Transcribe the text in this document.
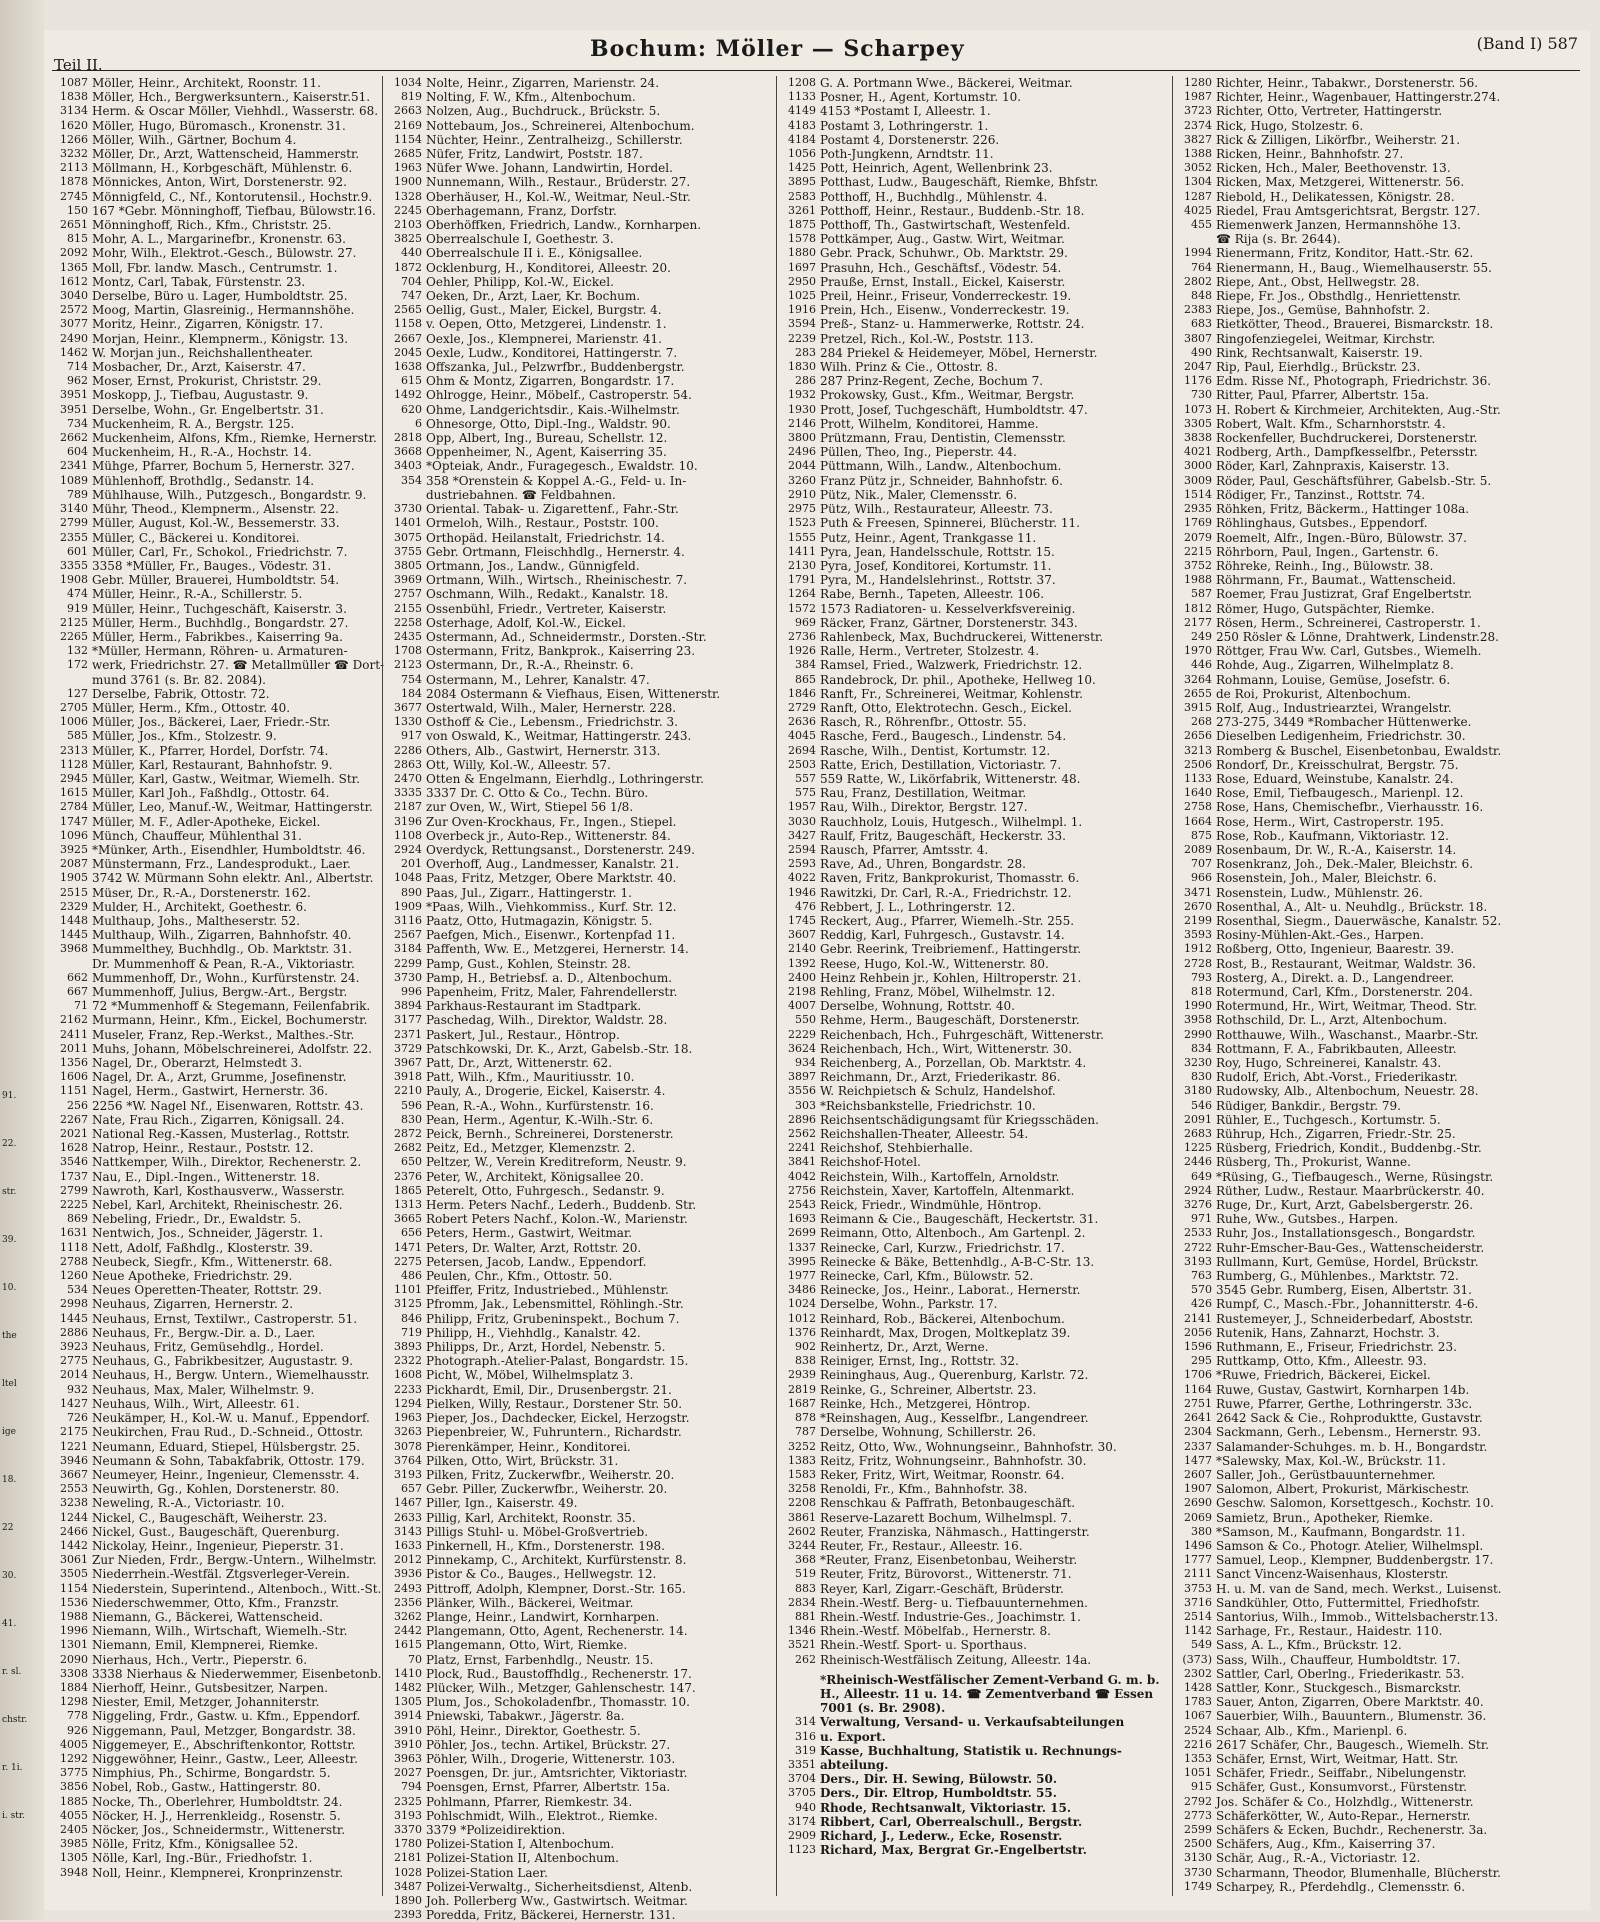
91.
22.
str.
39.
10.
the
ltel
ige
18.
22
30.
41.
r. sl.
chstr.
r. 1i.
i. str.
Teil II.
Bochum: Möller — Scharpey	(Band I) 587
1087 Möller, Heinr., Architekt, Roonstr. 11.
1838 Möller, Hch., Bergwerksuntern., Kaiserstr.51.
3134 Herm. & Oscar Möller, Viehhdl., Wasserstr. 68.
1620 Möller, Hugo, Büromasch., Kronenstr. 31.
1266 Möller, Wilh., Gärtner, Bochum 4.
3232 Möller, Dr., Arzt, Wattenscheid, Hammerstr.
2113 Möllmann, H., Korbgeschäft, Mühlenstr. 6.
1878 Mönnickes, Anton, Wirt, Dorstenerstr. 92.
2745 Mönnigfeld, C., Nf., Kontorutensil., Hochstr.9.
150 167 *Gebr. Mönninghoff, Tiefbau, Bülowstr.16.
2651 Mönninghoff, Rich., Kfm., Christstr. 25.
815 Mohr, A. L., Margarinefbr., Kronenstr. 63.
2092 Mohr, Wilh., Elektrot.-Gesch., Bülowstr. 27.
1365 Moll, Fbr. landw. Masch., Centrumstr. 1.
1612 Montz, Carl, Tabak, Fürstenstr. 23.
3040 Derselbe, Büro u. Lager, Humboldtstr. 25.
2572 Moog, Martin, Glasreinig., Hermannshöhe.
3077 Moritz, Heinr., Zigarren, Königstr. 17.
2490 Morjan, Heinr., Klempnerm., Königstr. 13.
1462 W. Morjan jun., Reichshallentheater.
714 Mosbacher, Dr., Arzt, Kaiserstr. 47.
962 Moser, Ernst, Prokurist, Christstr. 29.
3951 Moskopp, J., Tiefbau, Augustastr. 9.
3951 Derselbe, Wohn., Gr. Engelbertstr. 31.
734 Muckenheim, R. A., Bergstr. 125.
2662 Muckenheim, Alfons, Kfm., Riemke, Hernerstr.
604 Muckenheim, H., R.-A., Hochstr. 14.
2341 Mühge, Pfarrer, Bochum 5, Hernerstr. 327.
1089 Mühlenhoff, Brothdlg., Sedanstr. 14.
789 Mühlhause, Wilh., Putzgesch., Bongardstr. 9.
3140 Mühr, Theod., Klempnerm., Alsenstr. 22.
2799 Müller, August, Kol.-W., Bessemerstr. 33.
2355 Müller, C., Bäckerei u. Konditorei.
601 Müller, Carl, Fr., Schokol., Friedrichstr. 7.
3355 3358 *Müller, Fr., Bauges., Vödestr. 31.
1908 Gebr. Müller, Brauerei, Humboldtstr. 54.
474 Müller, Heinr., R.-A., Schillerstr. 5.
919 Müller, Heinr., Tuchgeschäft, Kaiserstr. 3.
2125 Müller, Herm., Buchhdlg., Bongardstr. 27.
2265 Müller, Herm., Fabrikbes., Kaiserring 9a.
132 *Müller, Hermann, Röhren- u. Armaturen-
172 werk, Friedrichstr. 27. ☎ Metallmüller ☎ Dort-
mund 3761 (s. Br. 82. 2084).
127 Derselbe, Fabrik, Ottostr. 72.
2705 Müller, Herm., Kfm., Ottostr. 40.
1006 Müller, Jos., Bäckerei, Laer, Friedr.-Str.
585 Müller, Jos., Kfm., Stolzestr. 9.
2313 Müller, K., Pfarrer, Hordel, Dorfstr. 74.
1128 Müller, Karl, Restaurant, Bahnhofstr. 9.
2945 Müller, Karl, Gastw., Weitmar, Wiemelh. Str.
1615 Müller, Karl Joh., Faßhdlg., Ottostr. 64.
2784 Müller, Leo, Manuf.-W., Weitmar, Hattingerstr.
1747 Müller, M. F., Adler-Apotheke, Eickel.
1096 Münch, Chauffeur, Mühlenthal 31.
3925 *Münker, Arth., Eisendhler, Humboldtstr. 46.
2087 Münstermann, Frz., Landesprodukt., Laer.
1905 3742 W. Mürmann Sohn elektr. Anl., Albertstr.
2515 Müser, Dr., R.-A., Dorstenerstr. 162.
2329 Mulder, H., Architekt, Goethestr. 6.
1448 Multhaup, Johs., Maltheserstr. 52.
1445 Multhaup, Wilh., Zigarren, Bahnhofstr. 40.
3968 Mummelthey, Buchhdlg., Ob. Marktstr. 31.
Dr. Mummenhoff & Pean, R.-A., Viktoriastr.
662 Mummenhoff, Dr., Wohn., Kurfürstenstr. 24.
667 Mummenhoff, Julius, Bergw.-Art., Bergstr.
71 72 *Mummenhoff & Stegemann, Feilenfabrik.
2162 Murmann, Heinr., Kfm., Eickel, Bochumerstr.
2411 Museler, Franz, Rep.-Werkst., Malthes.-Str.
2011 Muhs, Johann, Möbelschreinerei, Adolfstr. 22.
1356 Nagel, Dr., Oberarzt, Helmstedt 3.
1606 Nagel, Dr. A., Arzt, Grumme, Josefinenstr.
1151 Nagel, Herm., Gastwirt, Hernerstr. 36.
256 2256 *W. Nagel Nf., Eisenwaren, Rottstr. 43.
2267 Nate, Frau Rich., Zigarren, Königsall. 24.
2021 National Reg.-Kassen, Musterlag., Rottstr.
1628 Natrop, Heinr., Restaur., Poststr. 12.
3546 Nattkemper, Wilh., Direktor, Rechenerstr. 2.
1737 Nau, E., Dipl.-Ingen., Wittenerstr. 18.
2799 Nawroth, Karl, Kosthausverw., Wasserstr.
2225 Nebel, Karl, Architekt, Rheinischestr. 26.
869 Nebeling, Friedr., Dr., Ewaldstr. 5.
1631 Nentwich, Jos., Schneider, Jägerstr. 1.
1118 Nett, Adolf, Faßhdlg., Klosterstr. 39.
2788 Neubeck, Siegfr., Kfm., Wittenerstr. 68.
1260 Neue Apotheke, Friedrichstr. 29.
534 Neues Operetten-Theater, Rottstr. 29.
2998 Neuhaus, Zigarren, Hernerstr. 2.
1445 Neuhaus, Ernst, Textilwr., Castroperstr. 51.
2886 Neuhaus, Fr., Bergw.-Dir. a. D., Laer.
3923 Neuhaus, Fritz, Gemüsehdlg., Hordel.
2775 Neuhaus, G., Fabrikbesitzer, Augustastr. 9.
2014 Neuhaus, H., Bergw. Untern., Wiemelhausstr.
932 Neuhaus, Max, Maler, Wilhelmstr. 9.
1427 Neuhaus, Wilh., Wirt, Alleestr. 61.
726 Neukämper, H., Kol.-W. u. Manuf., Eppendorf.
2175 Neukirchen, Frau Rud., D.-Schneid., Ottostr.
1221 Neumann, Eduard, Stiepel, Hülsbergstr. 25.
3946 Neumann & Sohn, Tabakfabrik, Ottostr. 179.
3667 Neumeyer, Heinr., Ingenieur, Clemensstr. 4.
2553 Neuwirth, Gg., Kohlen, Dorstenerstr. 80.
3238 Neweling, R.-A., Victoriastr. 10.
1244 Nickel, C., Baugeschäft, Weiherstr. 23.
2466 Nickel, Gust., Baugeschäft, Querenburg.
1442 Nickolay, Heinr., Ingenieur, Pieperstr. 31.
3061 Zur Nieden, Frdr., Bergw.-Untern., Wilhelmstr.
3505 Niederrhein.-Westfäl. Ztgsverleger-Verein.
1154 Niederstein, Superintend., Altenboch., Witt.-St.
1536 Niederschwemmer, Otto, Kfm., Franzstr.
1988 Niemann, G., Bäckerei, Wattenscheid.
1996 Niemann, Wilh., Wirtschaft, Wiemelh.-Str.
1301 Niemann, Emil, Klempnerei, Riemke.
2090 Nierhaus, Hch., Vertr., Pieperstr. 6.
3308 3338 Nierhaus & Niederwemmer, Eisenbetonb.
1884 Nierhoff, Heinr., Gutsbesitzer, Narpen.
1298 Niester, Emil, Metzger, Johanniterstr.
778 Niggeling, Frdr., Gastw. u. Kfm., Eppendorf.
926 Niggemann, Paul, Metzger, Bongardstr. 38.
4005 Niggemeyer, E., Abschriftenkontor, Rottstr.
1292 Niggewöhner, Heinr., Gastw., Leer, Alleestr.
3775 Nimphius, Ph., Schirme, Bongardstr. 5.
3856 Nobel, Rob., Gastw., Hattingerstr. 80.
1885 Nocke, Th., Oberlehrer, Humboldtstr. 24.
4055 Nöcker, H. J., Herrenkleidg., Rosenstr. 5.
2405 Nöcker, Jos., Schneidermstr., Wittenerstr.
3985 Nölle, Fritz, Kfm., Königsallee 52.
1305 Nölle, Karl, Ing.-Bür., Friedhofstr. 1.
3948 Noll, Heinr., Klempnerei, Kronprinzenstr.
1034 Nolte, Heinr., Zigarren, Marienstr. 24.
819 Nolting, F. W., Kfm., Altenbochum.
2663 Nolzen, Aug., Buchdruck., Brückstr. 5.
2169 Nottebaum, Jos., Schreinerei, Altenbochum.
1154 Nüchter, Heinr., Zentralheizg., Schillerstr.
2685 Nüfer, Fritz, Landwirt, Poststr. 187.
1963 Nüfer Wwe. Johann, Landwirtin, Hordel.
1900 Nunnemann, Wilh., Restaur., Brüderstr. 27.
1328 Oberhäuser, H., Kol.-W., Weitmar, Neul.-Str.
2245 Oberhagemann, Franz, Dorfstr.
2103 Oberhöffken, Friedrich, Landw., Kornharpen.
3825 Oberrealschule I, Goethestr. 3.
440 Oberrealschule II i. E., Königsallee.
1872 Ocklenburg, H., Konditorei, Alleestr. 20.
704 Oehler, Philipp, Kol.-W., Eickel.
747 Oeken, Dr., Arzt, Laer, Kr. Bochum.
2565 Oellig, Gust., Maler, Eickel, Burgstr. 4.
1158 v. Oepen, Otto, Metzgerei, Lindenstr. 1.
2667 Oexle, Jos., Klempnerei, Marienstr. 41.
2045 Oexle, Ludw., Konditorei, Hattingerstr. 7.
1638 Offszanka, Jul., Pelzwrfbr., Buddenbergstr.
615 Ohm & Montz, Zigarren, Bongardstr. 17.
1492 Ohlrogge, Heinr., Möbelf., Castroperstr. 54.
620 Ohme, Landgerichtsdir., Kais.-Wilhelmstr.
6 Ohnesorge, Otto, Dipl.-Ing., Waldstr. 90.
2818 Opp, Albert, Ing., Bureau, Schellstr. 12.
3668 Oppenheimer, N., Agent, Kaiserring 35.
3403 *Opteiak, Andr., Furagegesch., Ewaldstr. 10.
354 358 *Orenstein & Koppel A.-G., Feld- u. In-
dustriebahnen. ☎ Feldbahnen.
3730 Oriental. Tabak- u. Zigarettenf., Fahr.-Str.
1401 Ormeloh, Wilh., Restaur., Poststr. 100.
3075 Orthopäd. Heilanstalt, Friedrichstr. 14.
3755 Gebr. Ortmann, Fleischhdlg., Hernerstr. 4.
3805 Ortmann, Jos., Landw., Günnigfeld.
3969 Ortmann, Wilh., Wirtsch., Rheinischestr. 7.
2757 Oschmann, Wilh., Redakt., Kanalstr. 18.
2155 Ossenbühl, Friedr., Vertreter, Kaiserstr.
2258 Osterhage, Adolf, Kol.-W., Eickel.
2435 Ostermann, Ad., Schneidermstr., Dorsten.-Str.
1708 Ostermann, Fritz, Bankprok., Kaiserring 23.
2123 Ostermann, Dr., R.-A., Rheinstr. 6.
754 Ostermann, M., Lehrer, Kanalstr. 47.
184 2084 Ostermann & Viefhaus, Eisen, Wittenerstr.
3677 Ostertwald, Wilh., Maler, Hernerstr. 228.
1330 Osthoff & Cie., Lebensm., Friedrichstr. 3.
917 von Oswald, K., Weitmar, Hattingerstr. 243.
2286 Others, Alb., Gastwirt, Hernerstr. 313.
2863 Ott, Willy, Kol.-W., Alleestr. 57.
2470 Otten & Engelmann, Eierhdlg., Lothringerstr.
3335 3337 Dr. C. Otto & Co., Techn. Büro.
2187 zur Oven, W., Wirt, Stiepel 56 1/8.
3196 Zur Oven-Krockhaus, Fr., Ingen., Stiepel.
1108 Overbeck jr., Auto-Rep., Wittenerstr. 84.
2924 Overdyck, Rettungsanst., Dorstenerstr. 249.
201 Overhoff, Aug., Landmesser, Kanalstr. 21.
1048 Paas, Fritz, Metzger, Obere Marktstr. 40.
890 Paas, Jul., Zigarr., Hattingerstr. 1.
1909 *Paas, Wilh., Viehkommiss., Kurf. Str. 12.
3116 Paatz, Otto, Hutmagazin, Königstr. 5.
2567 Paefgen, Mich., Eisenwr., Kortenpfad 11.
3184 Paffenth, Ww. E., Metzgerei, Hernerstr. 14.
2299 Pamp, Gust., Kohlen, Steinstr. 28.
3730 Pamp, H., Betriebsf. a. D., Altenbochum.
996 Papenheim, Fritz, Maler, Fahrendellerstr.
3894 Parkhaus-Restaurant im Stadtpark.
3177 Paschedag, Wilh., Direktor, Waldstr. 28.
2371 Paskert, Jul., Restaur., Höntrop.
3729 Patschkowski, Dr. K., Arzt, Gabelsb.-Str. 18.
3967 Patt, Dr., Arzt, Wittenerstr. 62.
3918 Patt, Wilh., Kfm., Mauritiusstr. 10.
2210 Pauly, A., Drogerie, Eickel, Kaiserstr. 4.
596 Pean, R.-A., Wohn., Kurfürstenstr. 16.
830 Pean, Herm., Agentur, K.-Wilh.-Str. 6.
2872 Peick, Bernh., Schreinerei, Dorstenerstr.
2682 Peitz, Ed., Metzger, Klemenzstr. 2.
650 Peltzer, W., Verein Kreditreform, Neustr. 9.
2376 Peter, W., Architekt, Königsallee 20.
1865 Peterelt, Otto, Fuhrgesch., Sedanstr. 9.
1313 Herm. Peters Nachf., Lederh., Buddenb. Str.
3665 Robert Peters Nachf., Kolon.-W., Marienstr.
656 Peters, Herm., Gastwirt, Weitmar.
1471 Peters, Dr. Walter, Arzt, Rottstr. 20.
2275 Petersen, Jacob, Landw., Eppendorf.
486 Peulen, Chr., Kfm., Ottostr. 50.
1101 Pfeiffer, Fritz, Industriebed., Mühlenstr.
3125 Pfromm, Jak., Lebensmittel, Röhlingh.-Str.
846 Philipp, Fritz, Grubeninspekt., Bochum 7.
719 Philipp, H., Viehhdlg., Kanalstr. 42.
3893 Philipps, Dr., Arzt, Hordel, Nebenstr. 5.
2322 Photograph.-Atelier-Palast, Bongardstr. 15.
1608 Picht, W., Möbel, Wilhelmsplatz 3.
2233 Pickhardt, Emil, Dir., Drusenbergstr. 21.
1294 Pielken, Willy, Restaur., Dorstener Str. 50.
1963 Pieper, Jos., Dachdecker, Eickel, Herzogstr.
3263 Piepenbreier, W., Fuhruntern., Richardstr.
3078 Pierenkämper, Heinr., Konditorei.
3764 Pilken, Otto, Wirt, Brückstr. 31.
3193 Pilken, Fritz, Zuckerwfbr., Weiherstr. 20.
657 Gebr. Piller, Zuckerwfbr., Weiherstr. 20.
1467 Piller, Ign., Kaiserstr. 49.
2633 Pillig, Karl, Architekt, Roonstr. 35.
3143 Pilligs Stuhl- u. Möbel-Großvertrieb.
1633 Pinkernell, H., Kfm., Dorstenerstr. 198.
2012 Pinnekamp, C., Architekt, Kurfürstenstr. 8.
3936 Pistor & Co., Bauges., Hellwegstr. 12.
2493 Pittroff, Adolph, Klempner, Dorst.-Str. 165.
2356 Plänker, Wilh., Bäckerei, Weitmar.
3262 Plange, Heinr., Landwirt, Kornharpen.
2442 Plangemann, Otto, Agent, Rechenerstr. 14.
1615 Plangemann, Otto, Wirt, Riemke.
70 Platz, Ernst, Farbenhdlg., Neustr. 15.
1410 Plock, Rud., Baustoffhdlg., Rechenerstr. 17.
1482 Plücker, Wilh., Metzger, Gahlenschestr. 147.
1305 Plum, Jos., Schokoladenfbr., Thomasstr. 10.
3914 Pniewski, Tabakwr., Jägerstr. 8a.
3910 Pöhl, Heinr., Direktor, Goethestr. 5.
3910 Pöhler, Jos., techn. Artikel, Brückstr. 27.
3963 Pöhler, Wilh., Drogerie, Wittenerstr. 103.
2027 Poensgen, Dr. jur., Amtsrichter, Viktoriastr.
794 Poensgen, Ernst, Pfarrer, Albertstr. 15a.
2325 Pohlmann, Pfarrer, Riemkestr. 34.
3193 Pohlschmidt, Wilh., Elektrot., Riemke.
3370 3379 *Polizeidirektion.
1780 Polizei-Station I, Altenbochum.
2181 Polizei-Station II, Altenbochum.
1028 Polizei-Station Laer.
3487 Polizei-Verwaltg., Sicherheitsdienst, Altenb.
1890 Joh. Pollerberg Ww., Gastwirtsch. Weitmar.
2393 Poredda, Fritz, Bäckerei, Hernerstr. 131.
1208 G. A. Portmann Wwe., Bäckerei, Weitmar.
1133 Posner, H., Agent, Kortumstr. 10.
4149 4153 *Postamt I, Alleestr. 1.
4183 Postamt 3, Lothringerstr. 1.
4184 Postamt 4, Dorstenerstr. 226.
1056 Poth-Jungkenn, Arndtstr. 11.
1425 Pott, Heinrich, Agent, Wellenbrink 23.
3895 Potthast, Ludw., Baugeschäft, Riemke, Bhfstr.
2583 Potthoff, H., Buchhdlg., Mühlenstr. 4.
3261 Potthoff, Heinr., Restaur., Buddenb.-Str. 18.
1875 Potthoff, Th., Gastwirtschaft, Westenfeld.
1578 Pottkämper, Aug., Gastw. Wirt, Weitmar.
1880 Gebr. Prack, Schuhwr., Ob. Marktstr. 29.
1697 Prasuhn, Hch., Geschäftsf., Vödestr. 54.
2950 Prauße, Ernst, Install., Eickel, Kaiserstr.
1025 Preil, Heinr., Friseur, Vonderreckestr. 19.
1916 Prein, Hch., Eisenw., Vonderreckestr. 19.
3594 Preß-, Stanz- u. Hammerwerke, Rottstr. 24.
2239 Pretzel, Rich., Kol.-W., Poststr. 113.
283 284 Priekel & Heidemeyer, Möbel, Hernerstr.
1830 Wilh. Prinz & Cie., Ottostr. 8.
286 287 Prinz-Regent, Zeche, Bochum 7.
1932 Prokowsky, Gust., Kfm., Weitmar, Bergstr.
1930 Prott, Josef, Tuchgeschäft, Humboldtstr. 47.
2146 Prott, Wilhelm, Konditorei, Hamme.
3800 Prützmann, Frau, Dentistin, Clemensstr.
2496 Püllen, Theo, Ing., Pieperstr. 44.
2044 Püttmann, Wilh., Landw., Altenbochum.
3260 Franz Pütz jr., Schneider, Bahnhofstr. 6.
2910 Pütz, Nik., Maler, Clemensstr. 6.
2975 Pütz, Wilh., Restaurateur, Alleestr. 73.
1523 Puth & Freesen, Spinnerei, Blücherstr. 11.
1555 Putz, Heinr., Agent, Trankgasse 11.
1411 Pyra, Jean, Handelsschule, Rottstr. 15.
2130 Pyra, Josef, Konditorei, Kortumstr. 11.
1791 Pyra, M., Handelslehrinst., Rottstr. 37.
1264 Rabe, Bernh., Tapeten, Alleestr. 106.
1572 1573 Radiatoren- u. Kesselverkfsvereinig.
969 Räcker, Franz, Gärtner, Dorstenerstr. 343.
2736 Rahlenbeck, Max, Buchdruckerei, Wittenerstr.
1926 Ralle, Herm., Vertreter, Stolzestr. 4.
384 Ramsel, Fried., Walzwerk, Friedrichstr. 12.
865 Randebrock, Dr. phil., Apotheke, Hellweg 10.
1846 Ranft, Fr., Schreinerei, Weitmar, Kohlenstr.
2729 Ranft, Otto, Elektrotechn. Gesch., Eickel.
2636 Rasch, R., Röhrenfbr., Ottostr. 55.
4045 Rasche, Ferd., Baugesch., Lindenstr. 54.
2694 Rasche, Wilh., Dentist, Kortumstr. 12.
2503 Ratte, Erich, Destillation, Victoriastr. 7.
557 559 Ratte, W., Likörfabrik, Wittenerstr. 48.
575 Rau, Franz, Destillation, Weitmar.
1957 Rau, Wilh., Direktor, Bergstr. 127.
3030 Rauchholz, Louis, Hutgesch., Wilhelmpl. 1.
3427 Raulf, Fritz, Baugeschäft, Heckerstr. 33.
2594 Rausch, Pfarrer, Amtsstr. 4.
2593 Rave, Ad., Uhren, Bongardstr. 28.
4022 Raven, Fritz, Bankprokurist, Thomasstr. 6.
1946 Rawitzki, Dr. Carl, R.-A., Friedrichstr. 12.
476 Rebbert, J. L., Lothringerstr. 12.
1745 Reckert, Aug., Pfarrer, Wiemelh.-Str. 255.
3607 Reddig, Karl, Fuhrgesch., Gustavstr. 14.
2140 Gebr. Reerink, Treibriemenf., Hattingerstr.
1392 Reese, Hugo, Kol.-W., Wittenerstr. 80.
2400 Heinz Rehbein jr., Kohlen, Hiltroperstr. 21.
2198 Rehling, Franz, Möbel, Wilhelmstr. 12.
4007 Derselbe, Wohnung, Rottstr. 40.
550 Rehme, Herm., Baugeschäft, Dorstenerstr.
2229 Reichenbach, Hch., Fuhrgeschäft, Wittenerstr.
3624 Reichenbach, Hch., Wirt, Wittenerstr. 30.
934 Reichenberg, A., Porzellan, Ob. Marktstr. 4.
3897 Reichmann, Dr., Arzt, Friederikastr. 86.
3556 W. Reichpietsch & Schulz, Handelshof.
303 *Reichsbankstelle, Friedrichstr. 10.
2896 Reichsentschädigungsamt für Kriegsschäden.
2562 Reichshallen-Theater, Alleestr. 54.
2241 Reichshof, Stehbierhalle.
3841 Reichshof-Hotel.
4042 Reichstein, Wilh., Kartoffeln, Arnoldstr.
2756 Reichstein, Xaver, Kartoffeln, Altenmarkt.
2543 Reick, Friedr., Windmühle, Höntrop.
1693 Reimann & Cie., Baugeschäft, Heckertstr. 31.
2699 Reimann, Otto, Altenboch., Am Gartenpl. 2.
1337 Reinecke, Carl, Kurzw., Friedrichstr. 17.
3995 Reinecke & Bäke, Bettenhdlg., A-B-C-Str. 13.
1977 Reinecke, Carl, Kfm., Bülowstr. 52.
3486 Reinecke, Jos., Heinr., Laborat., Hernerstr.
1024 Derselbe, Wohn., Parkstr. 17.
1012 Reinhard, Rob., Bäckerei, Altenbochum.
1376 Reinhardt, Max, Drogen, Moltkeplatz 39.
902 Reinhertz, Dr., Arzt, Werne.
838 Reiniger, Ernst, Ing., Rottstr. 32.
2939 Reininghaus, Aug., Querenburg, Karlstr. 72.
2819 Reinke, G., Schreiner, Albertstr. 23.
1687 Reinke, Hch., Metzgerei, Höntrop.
878 *Reinshagen, Aug., Kesselfbr., Langendreer.
787 Derselbe, Wohnung, Schillerstr. 26.
3252 Reitz, Otto, Ww., Wohnungseinr., Bahnhofstr. 30.
1383 Reitz, Fritz, Wohnungseinr., Bahnhofstr. 30.
1583 Reker, Fritz, Wirt, Weitmar, Roonstr. 64.
3258 Renoldi, Fr., Kfm., Bahnhofstr. 38.
2208 Renschkau & Paffrath, Betonbaugeschäft.
3861 Reserve-Lazarett Bochum, Wilhelmspl. 7.
2602 Reuter, Franziska, Nähmasch., Hattingerstr.
3244 Reuter, Fr., Restaur., Alleestr. 16.
368 *Reuter, Franz, Eisenbetonbau, Weiherstr.
519 Reuter, Fritz, Bürovorst., Wittenerstr. 71.
883 Reyer, Karl, Zigarr.-Geschäft, Brüderstr.
2834 Rhein.-Westf. Berg- u. Tiefbauunternehmen.
881 Rhein.-Westf. Industrie-Ges., Joachimstr. 1.
1346 Rhein.-Westf. Möbelfab., Hernerstr. 8.
3521 Rhein.-Westf. Sport- u. Sporthaus.
262 Rheinisch-Westfälisch Zeitung, Alleestr. 14a.
*Rheinisch-Westfälischer Zement-Verband G. m. b. H., Alleestr. 11 u. 14. ☎ Zementverband ☎ Essen 7001 (s. Br. 2908).
314 Verwaltung, Versand- u. Verkaufsabteilungen
316 u. Export.
319 Kasse, Buchhaltung, Statistik u. Rechnungs-
3351 abteilung.
3704 Ders., Dir. H. Sewing, Bülowstr. 50.
3705 Ders., Dir. Eltrop, Humboldtstr. 55.
940 Rhode, Rechtsanwalt, Viktoriastr. 15.
3174 Ribbert, Carl, Oberrealschull., Bergstr.
2909 Richard, J., Lederw., Ecke, Rosenstr.
1123 Richard, Max, Bergrat Gr.-Engelbertstr.
1280 Richter, Heinr., Tabakwr., Dorstenerstr. 56.
1987 Richter, Heinr., Wagenbauer, Hattingerstr.274.
3723 Richter, Otto, Vertreter, Hattingerstr.
2374 Rick, Hugo, Stolzestr. 6.
3827 Rick & Zilligen, Likörfbr., Weiherstr. 21.
1388 Ricken, Heinr., Bahnhofstr. 27.
3052 Ricken, Hch., Maler, Beethovenstr. 13.
1304 Ricken, Max, Metzgerei, Wittenerstr. 56.
1287 Riebold, H., Delikatessen, Königstr. 28.
4025 Riedel, Frau Amtsgerichtsrat, Bergstr. 127.
455 Riemenwerk Janzen, Hermannshöhe 13.
☎ Rija (s. Br. 2644).
1994 Rienermann, Fritz, Konditor, Hatt.-Str. 62.
764 Rienermann, H., Baug., Wiemelhauserstr. 55.
2802 Riepe, Ant., Obst, Hellwegstr. 28.
848 Riepe, Fr. Jos., Obsthdlg., Henriettenstr.
2383 Riepe, Jos., Gemüse, Bahnhofstr. 2.
683 Rietkötter, Theod., Brauerei, Bismarckstr. 18.
3807 Ringofenziegelei, Weitmar, Kirchstr.
490 Rink, Rechtsanwalt, Kaiserstr. 19.
2047 Rip, Paul, Eierhdlg., Brückstr. 23.
1176 Edm. Risse Nf., Photograph, Friedrichstr. 36.
730 Ritter, Paul, Pfarrer, Albertstr. 15a.
1073 H. Robert & Kirchmeier, Architekten, Aug.-Str.
3305 Robert, Walt. Kfm., Scharnhorststr. 4.
3838 Rockenfeller, Buchdruckerei, Dorstenerstr.
4021 Rodberg, Arth., Dampfkesselfbr., Petersstr.
3000 Röder, Karl, Zahnpraxis, Kaiserstr. 13.
3009 Röder, Paul, Geschäftsführer, Gabelsb.-Str. 5.
1514 Rödiger, Fr., Tanzinst., Rottstr. 74.
2935 Röhken, Fritz, Bäckerm., Hattinger 108a.
1769 Röhlinghaus, Gutsbes., Eppendorf.
2079 Roemelt, Alfr., Ingen.-Büro, Bülowstr. 37.
2215 Röhrborn, Paul, Ingen., Gartenstr. 6.
3752 Röhreke, Reinh., Ing., Bülowstr. 38.
1988 Röhrmann, Fr., Baumat., Wattenscheid.
587 Roemer, Frau Justizrat, Graf Engelbertstr.
1812 Römer, Hugo, Gutspächter, Riemke.
2177 Rösen, Herm., Schreinerei, Castroperstr. 1.
249 250 Rösler & Lönne, Drahtwerk, Lindenstr.28.
1970 Röttger, Frau Ww. Carl, Gutsbes., Wiemelh.
446 Rohde, Aug., Zigarren, Wilhelmplatz 8.
3264 Rohmann, Louise, Gemüse, Josefstr. 6.
2655 de Roi, Prokurist, Altenbochum.
3915 Rolf, Aug., Industriearztei, Wrangelstr.
268 273-275, 3449 *Rombacher Hüttenwerke.
2656 Dieselben Ledigenheim, Friedrichstr. 30.
3213 Romberg & Buschel, Eisenbetonbau, Ewaldstr.
2506 Rondorf, Dr., Kreisschulrat, Bergstr. 75.
1133 Rose, Eduard, Weinstube, Kanalstr. 24.
1640 Rose, Emil, Tiefbaugesch., Marienpl. 12.
2758 Rose, Hans, Chemischefbr., Vierhausstr. 16.
1664 Rose, Herm., Wirt, Castroperstr. 195.
875 Rose, Rob., Kaufmann, Viktoriastr. 12.
2089 Rosenbaum, Dr. W., R.-A., Kaiserstr. 14.
707 Rosenkranz, Joh., Dek.-Maler, Bleichstr. 6.
966 Rosenstein, Joh., Maler, Bleichstr. 6.
3471 Rosenstein, Ludw., Mühlenstr. 26.
2670 Rosenthal, A., Alt- u. Neuhdlg., Brückstr. 18.
2199 Rosenthal, Siegm., Dauerwäsche, Kanalstr. 52.
3593 Rosiny-Mühlen-Akt.-Ges., Harpen.
1912 Roßberg, Otto, Ingenieur, Baarestr. 39.
2728 Rost, B., Restaurant, Weitmar, Waldstr. 36.
793 Rosterg, A., Direkt. a. D., Langendreer.
818 Rotermund, Carl, Kfm., Dorstenerstr. 204.
1990 Rotermund, Hr., Wirt, Weitmar, Theod. Str.
3958 Rothschild, Dr. L., Arzt, Altenbochum.
2990 Rotthauwe, Wilh., Waschanst., Maarbr.-Str.
834 Rottmann, F. A., Fabrikbauten, Alleestr.
3230 Roy, Hugo, Schreinerei, Kanalstr. 43.
830 Rudolf, Erich, Abt.-Vorst., Friederikastr.
3180 Rudowsky, Alb., Altenbochum, Neuestr. 28.
546 Rüdiger, Bankdir., Bergstr. 79.
2091 Rühler, E., Tuchgesch., Kortumstr. 5.
2683 Rührup, Hch., Zigarren, Friedr.-Str. 25.
1225 Rüsberg, Friedrich, Kondit., Buddenbg.-Str.
2446 Rüsberg, Th., Prokurist, Wanne.
649 *Rüsing, G., Tiefbaugesch., Werne, Rüsingstr.
2924 Rüther, Ludw., Restaur. Maarbrückerstr. 40.
3276 Ruge, Dr., Kurt, Arzt, Gabelsbergerstr. 26.
971 Ruhe, Ww., Gutsbes., Harpen.
2533 Ruhr, Jos., Installationsgesch., Bongardstr.
2722 Ruhr-Emscher-Bau-Ges., Wattenscheiderstr.
3193 Rullmann, Kurt, Gemüse, Hordel, Brückstr.
763 Rumberg, G., Mühlenbes., Marktstr. 72.
570 3545 Gebr. Rumberg, Eisen, Albertstr. 31.
426 Rumpf, C., Masch.-Fbr., Johannitterstr. 4-6.
2141 Rustemeyer, J., Schneiderbedarf, Aboststr.
2056 Rutenik, Hans, Zahnarzt, Hochstr. 3.
1596 Ruthmann, E., Friseur, Friedrichstr. 23.
295 Ruttkamp, Otto, Kfm., Alleestr. 93.
1706 *Ruwe, Friedrich, Bäckerei, Eickel.
1164 Ruwe, Gustav, Gastwirt, Kornharpen 14b.
2751 Ruwe, Pfarrer, Gerthe, Lothringerstr. 33c.
2641 2642 Sack & Cie., Rohproduktte, Gustavstr.
2304 Sackmann, Gerh., Lebensm., Hernerstr. 93.
2337 Salamander-Schuhges. m. b. H., Bongardstr.
1477 *Salewsky, Max, Kol.-W., Brückstr. 11.
2607 Saller, Joh., Gerüstbauunternehmer.
1907 Salomon, Albert, Prokurist, Märkischestr.
2690 Geschw. Salomon, Korsettgesch., Kochstr. 10.
2069 Samietz, Brun., Apotheker, Riemke.
380 *Samson, M., Kaufmann, Bongardstr. 11.
1496 Samson & Co., Photogr. Atelier, Wilhelmspl.
1777 Samuel, Leop., Klempner, Buddenbergstr. 17.
2111 Sanct Vincenz-Waisenhaus, Klosterstr.
3753 H. u. M. van de Sand, mech. Werkst., Luisenst.
3716 Sandkühler, Otto, Futtermittel, Friedhofstr.
2514 Santorius, Wilh., Immob., Wittelsbacherstr.13.
1142 Sarhage, Fr., Restaur., Haidestr. 110.
549 Sass, A. L., Kfm., Brückstr. 12.
(373) Sass, Wilh., Chauffeur, Humboldtstr. 17.
2302 Sattler, Carl, Oberlng., Friederikastr. 53.
1428 Sattler, Konr., Stuckgesch., Bismarckstr.
1783 Sauer, Anton, Zigarren, Obere Marktstr. 40.
1067 Sauerbier, Wilh., Bauuntern., Blumenstr. 36.
2524 Schaar, Alb., Kfm., Marienpl. 6.
2216 2617 Schäfer, Chr., Baugesch., Wiemelh. Str.
1353 Schäfer, Ernst, Wirt, Weitmar, Hatt. Str.
1051 Schäfer, Friedr., Seiffabr., Nibelungenstr.
915 Schäfer, Gust., Konsumvorst., Fürstenstr.
2792 Jos. Schäfer & Co., Holzhdlg., Wittenerstr.
2773 Schäferkötter, W., Auto-Repar., Hernerstr.
2599 Schäfers & Ecken, Buchdr., Rechenerstr. 3a.
2500 Schäfers, Aug., Kfm., Kaiserring 37.
3130 Schär, Aug., R.-A., Victoriastr. 12.
3730 Scharmann, Theodor, Blumenhalle, Blücherstr.
1749 Scharpey, R., Pferdehdlg., Clemensstr. 6.
